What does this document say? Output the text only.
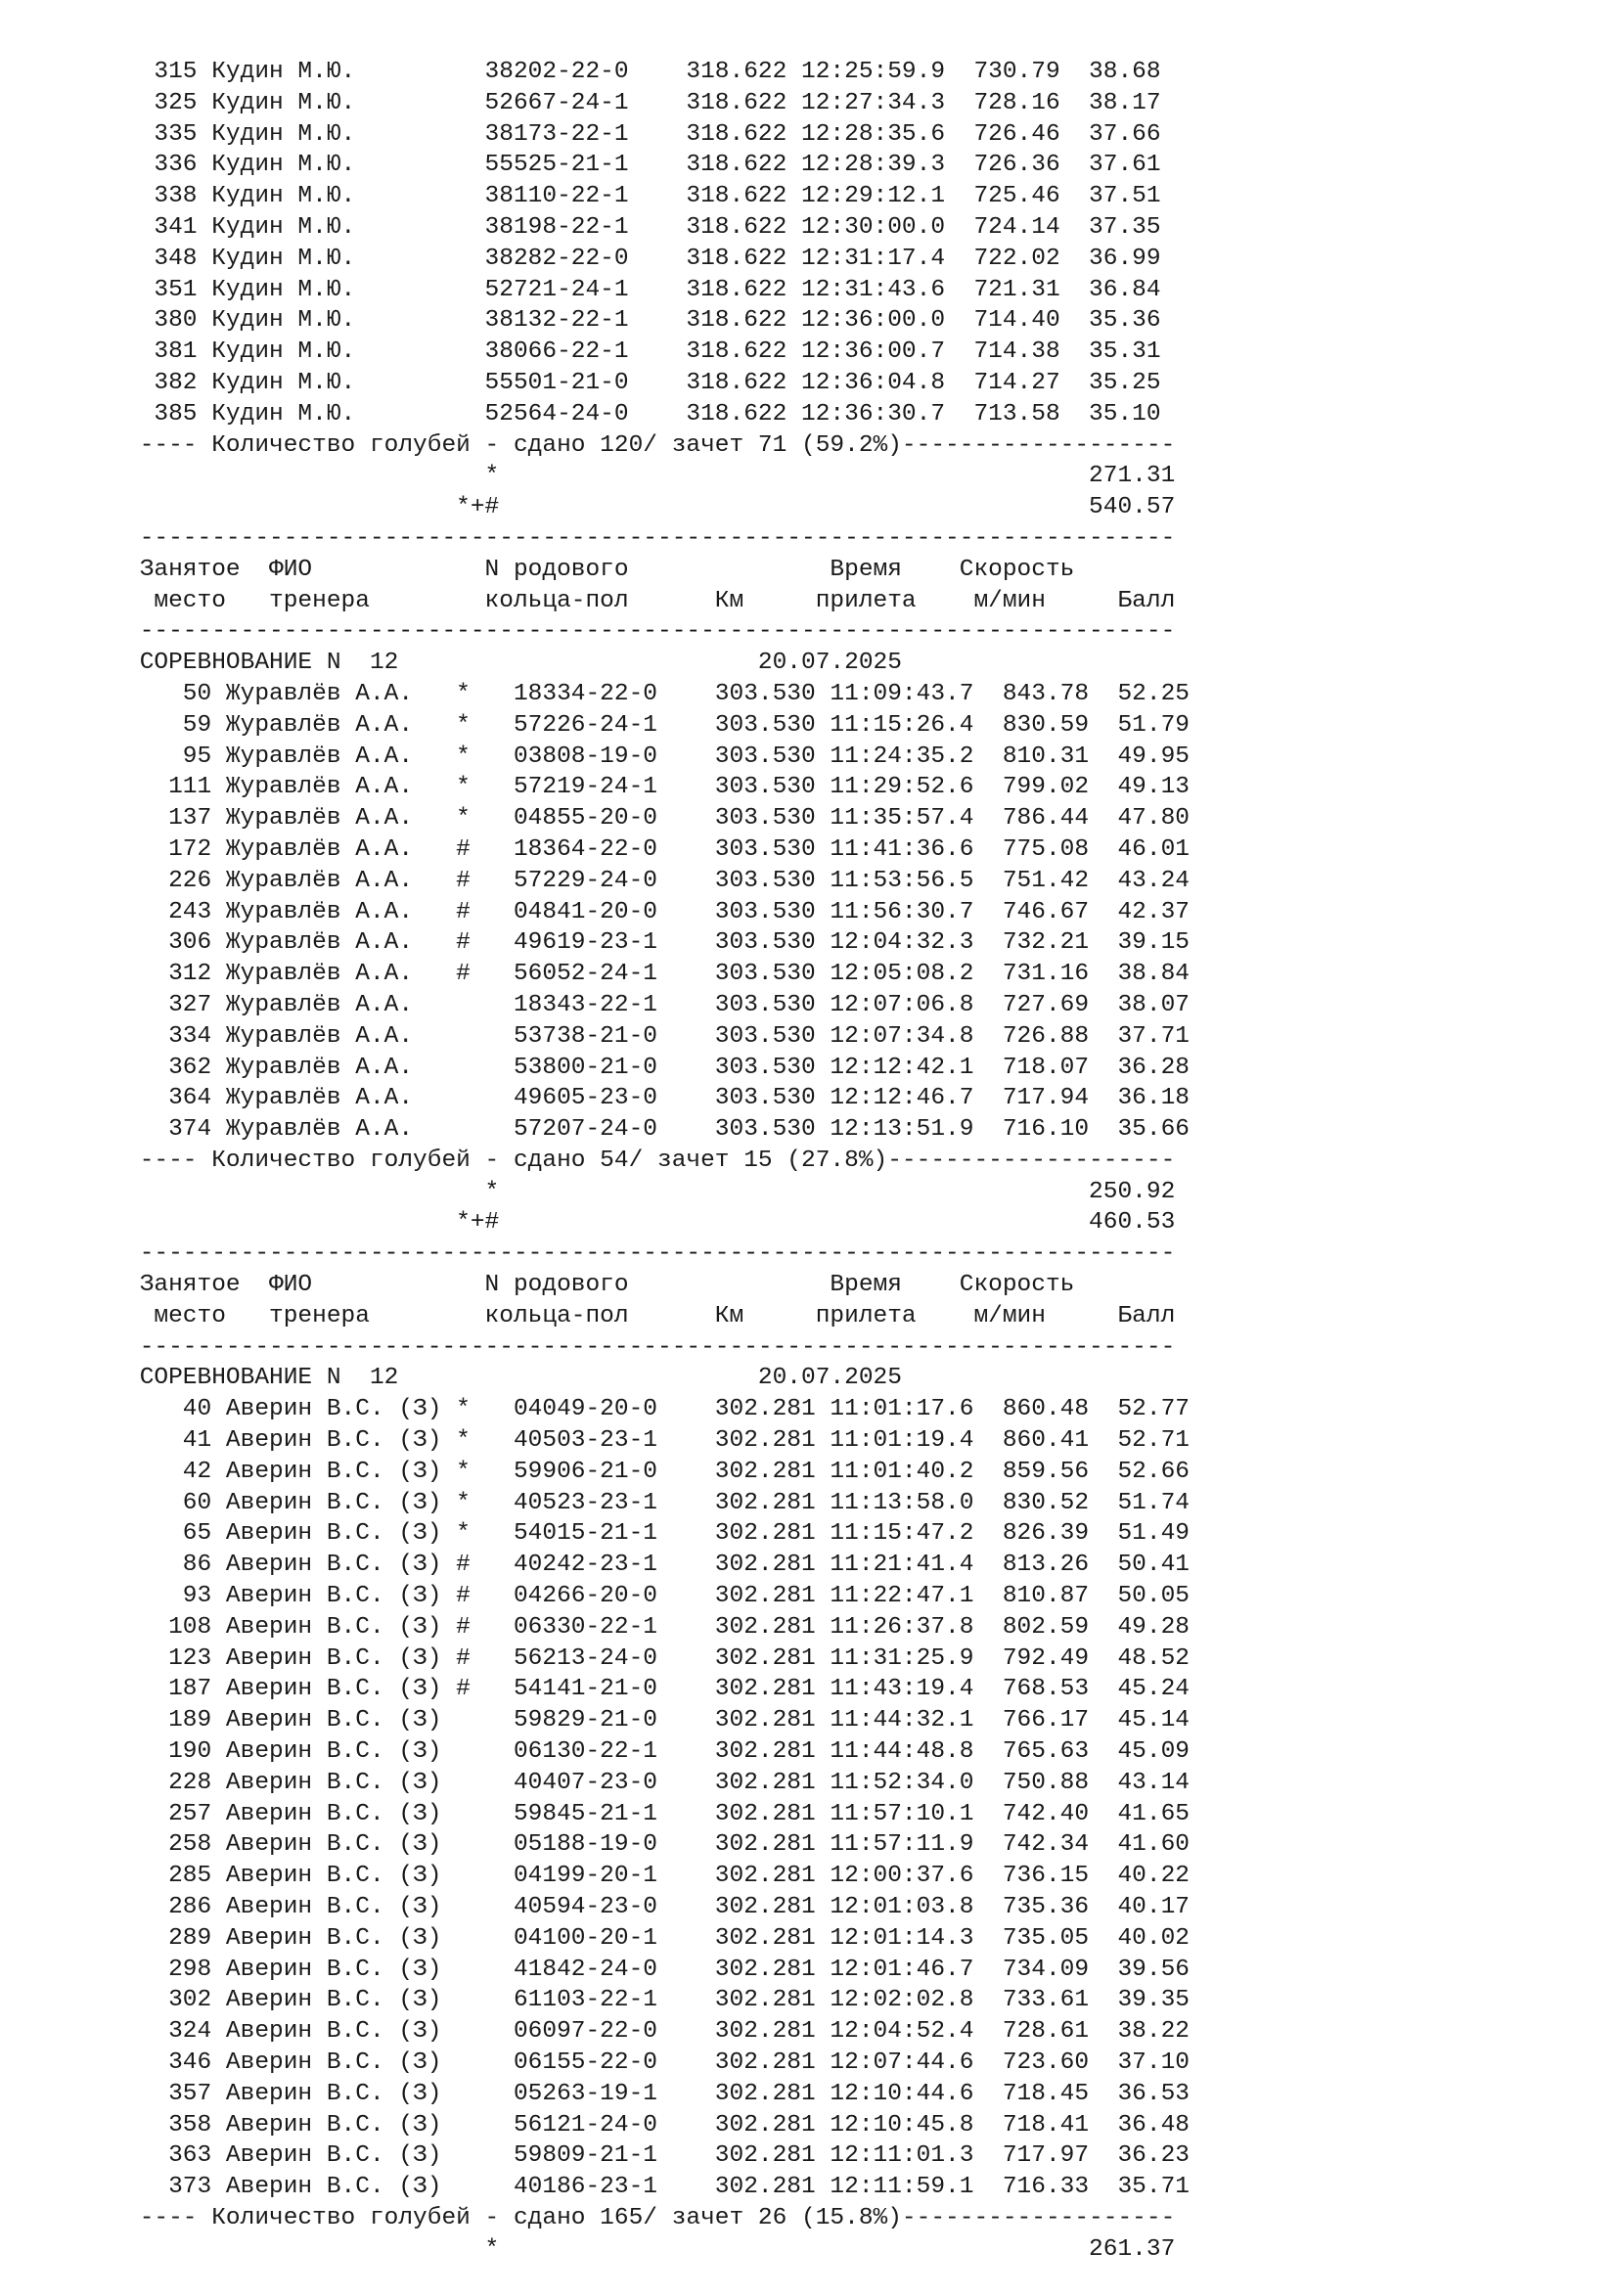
315 Кудин М.Ю.         38202-22-0    318.622 12:25:59.9  730.79  38.68
325 Кудин М.Ю.         52667-24-1    318.622 12:27:34.3  728.16  38.17
335 Кудин М.Ю.         38173-22-1    318.622 12:28:35.6  726.46  37.66
336 Кудин М.Ю.         55525-21-1    318.622 12:28:39.3  726.36  37.61
338 Кудин М.Ю.         38110-22-1    318.622 12:29:12.1  725.46  37.51
341 Кудин М.Ю.         38198-22-1    318.622 12:30:00.0  724.14  37.35
348 Кудин М.Ю.         38282-22-0    318.622 12:31:17.4  722.02  36.99
351 Кудин М.Ю.         52721-24-1    318.622 12:31:43.6  721.31  36.84
380 Кудин М.Ю.         38132-22-1    318.622 12:36:00.0  714.40  35.36
381 Кудин М.Ю.         38066-22-1    318.622 12:36:00.7  714.38  35.31
382 Кудин М.Ю.         55501-21-0    318.622 12:36:04.8  714.27  35.25
385 Кудин М.Ю.         52564-24-0    318.622 12:36:30.7  713.58  35.10
---- Количество голубей - сдано 120/ зачет 71 (59.2%)-------------------
*                                         271.31
*+#                                         540.57
------------------------------------------------------------------------
Занятое  ФИО            N родового              Время    Скорость
место   тренера        кольца-пол      Км     прилета    м/мин     Балл
------------------------------------------------------------------------
СОРЕВНОВАНИЕ N  12                         20.07.2025
50 Журавлёв А.А.   *   18334-22-0    303.530 11:09:43.7  843.78  52.25
59 Журавлёв А.А.   *   57226-24-1    303.530 11:15:26.4  830.59  51.79
95 Журавлёв А.А.   *   03808-19-0    303.530 11:24:35.2  810.31  49.95
111 Журавлёв А.А.   *   57219-24-1    303.530 11:29:52.6  799.02  49.13
137 Журавлёв А.А.   *   04855-20-0    303.530 11:35:57.4  786.44  47.80
172 Журавлёв А.А.   #   18364-22-0    303.530 11:41:36.6  775.08  46.01
226 Журавлёв А.А.   #   57229-24-0    303.530 11:53:56.5  751.42  43.24
243 Журавлёв А.А.   #   04841-20-0    303.530 11:56:30.7  746.67  42.37
306 Журавлёв А.А.   #   49619-23-1    303.530 12:04:32.3  732.21  39.15
312 Журавлёв А.А.   #   56052-24-1    303.530 12:05:08.2  731.16  38.84
327 Журавлёв А.А.       18343-22-1    303.530 12:07:06.8  727.69  38.07
334 Журавлёв А.А.       53738-21-0    303.530 12:07:34.8  726.88  37.71
362 Журавлёв А.А.       53800-21-0    303.530 12:12:42.1  718.07  36.28
364 Журавлёв А.А.       49605-23-0    303.530 12:12:46.7  717.94  36.18
374 Журавлёв А.А.       57207-24-0    303.530 12:13:51.9  716.10  35.66
---- Количество голубей - сдано 54/ зачет 15 (27.8%)--------------------
*                                         250.92
*+#                                         460.53
------------------------------------------------------------------------
Занятое  ФИО            N родового              Время    Скорость
место   тренера        кольца-пол      Км     прилета    м/мин     Балл
------------------------------------------------------------------------
СОРЕВНОВАНИЕ N  12                         20.07.2025
40 Аверин В.С. (З) *   04049-20-0    302.281 11:01:17.6  860.48  52.77
41 Аверин В.С. (З) *   40503-23-1    302.281 11:01:19.4  860.41  52.71
42 Аверин В.С. (З) *   59906-21-0    302.281 11:01:40.2  859.56  52.66
60 Аверин В.С. (З) *   40523-23-1    302.281 11:13:58.0  830.52  51.74
65 Аверин В.С. (З) *   54015-21-1    302.281 11:15:47.2  826.39  51.49
86 Аверин В.С. (З) #   40242-23-1    302.281 11:21:41.4  813.26  50.41
93 Аверин В.С. (З) #   04266-20-0    302.281 11:22:47.1  810.87  50.05
108 Аверин В.С. (З) #   06330-22-1    302.281 11:26:37.8  802.59  49.28
123 Аверин В.С. (З) #   56213-24-0    302.281 11:31:25.9  792.49  48.52
187 Аверин В.С. (З) #   54141-21-0    302.281 11:43:19.4  768.53  45.24
189 Аверин В.С. (З)     59829-21-0    302.281 11:44:32.1  766.17  45.14
190 Аверин В.С. (З)     06130-22-1    302.281 11:44:48.8  765.63  45.09
228 Аверин В.С. (З)     40407-23-0    302.281 11:52:34.0  750.88  43.14
257 Аверин В.С. (З)     59845-21-1    302.281 11:57:10.1  742.40  41.65
258 Аверин В.С. (З)     05188-19-0    302.281 11:57:11.9  742.34  41.60
285 Аверин В.С. (З)     04199-20-1    302.281 12:00:37.6  736.15  40.22
286 Аверин В.С. (З)     40594-23-0    302.281 12:01:03.8  735.36  40.17
289 Аверин В.С. (З)     04100-20-1    302.281 12:01:14.3  735.05  40.02
298 Аверин В.С. (З)     41842-24-0    302.281 12:01:46.7  734.09  39.56
302 Аверин В.С. (З)     61103-22-1    302.281 12:02:02.8  733.61  39.35
324 Аверин В.С. (З)     06097-22-0    302.281 12:04:52.4  728.61  38.22
346 Аверин В.С. (З)     06155-22-0    302.281 12:07:44.6  723.60  37.10
357 Аверин В.С. (З)     05263-19-1    302.281 12:10:44.6  718.45  36.53
358 Аверин В.С. (З)     56121-24-0    302.281 12:10:45.8  718.41  36.48
363 Аверин В.С. (З)     59809-21-1    302.281 12:11:01.3  717.97  36.23
373 Аверин В.С. (З)     40186-23-1    302.281 12:11:59.1  716.33  35.71
---- Количество голубей - сдано 165/ зачет 26 (15.8%)-------------------
*                                         261.37
